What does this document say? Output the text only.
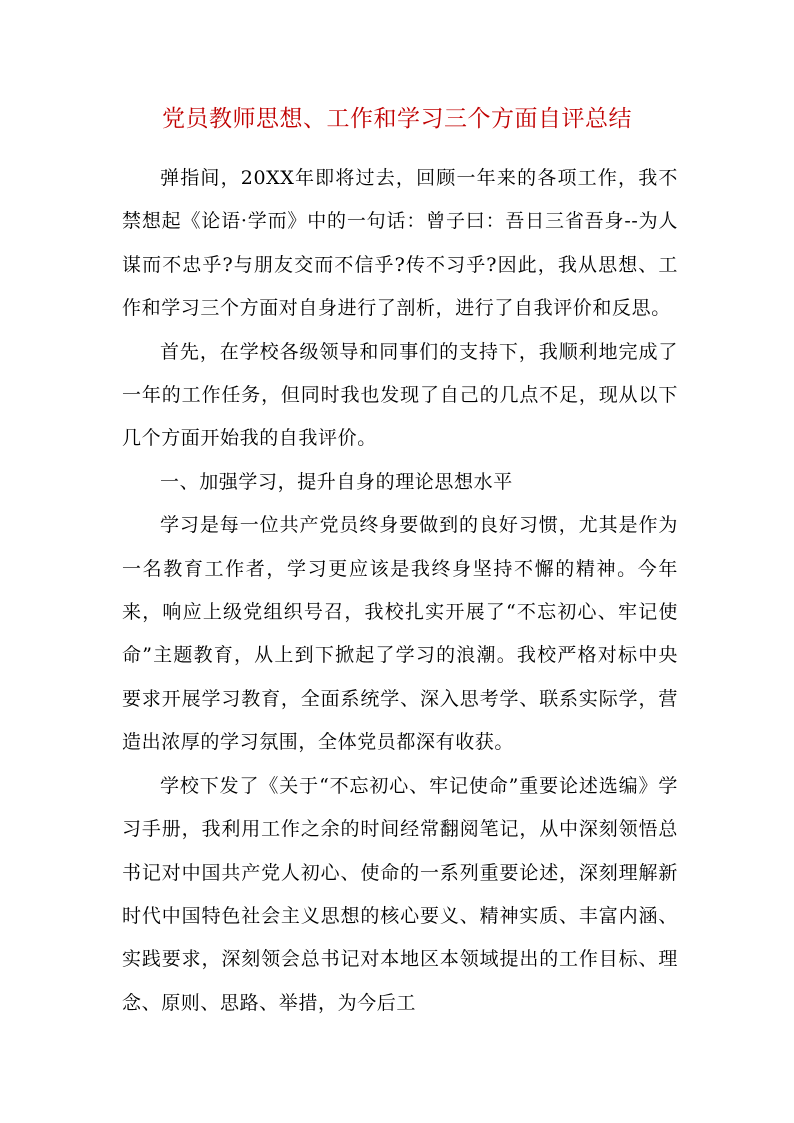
党员教师思想、工作和学习三个方面自评总结

弹指间，20XX年即将过去，回顾一年来的各项工作，我不禁想起《论语·学而》中的一句话：曾子曰：吾日三省吾身--为人谋而不忠乎?与朋友交而不信乎?传不习乎?因此，我从思想、工作和学习三个方面对自身进行了剖析，进行了自我评价和反思。

首先，在学校各级领导和同事们的支持下，我顺利地完成了一年的工作任务，但同时我也发现了自己的几点不足，现从以下几个方面开始我的自我评价。

一、加强学习，提升自身的理论思想水平

学习是每一位共产党员终身要做到的良好习惯，尤其是作为一名教育工作者，学习更应该是我终身坚持不懈的精神。今年来，响应上级党组织号召，我校扎实开展了“不忘初心、牢记使命”主题教育，从上到下掀起了学习的浪潮。我校严格对标中央要求开展学习教育，全面系统学、深入思考学、联系实际学，营造出浓厚的学习氛围，全体党员都深有收获。

学校下发了《关于“不忘初心、牢记使命”重要论述选编》学习手册，我利用工作之余的时间经常翻阅笔记，从中深刻领悟总书记对中国共产党人初心、使命的一系列重要论述，深刻理解新时代中国特色社会主义思想的核心要义、精神实质、丰富内涵、实践要求，深刻领会总书记对本地区本领域提出的工作目标、理念、原则、思路、举措，为今后工
